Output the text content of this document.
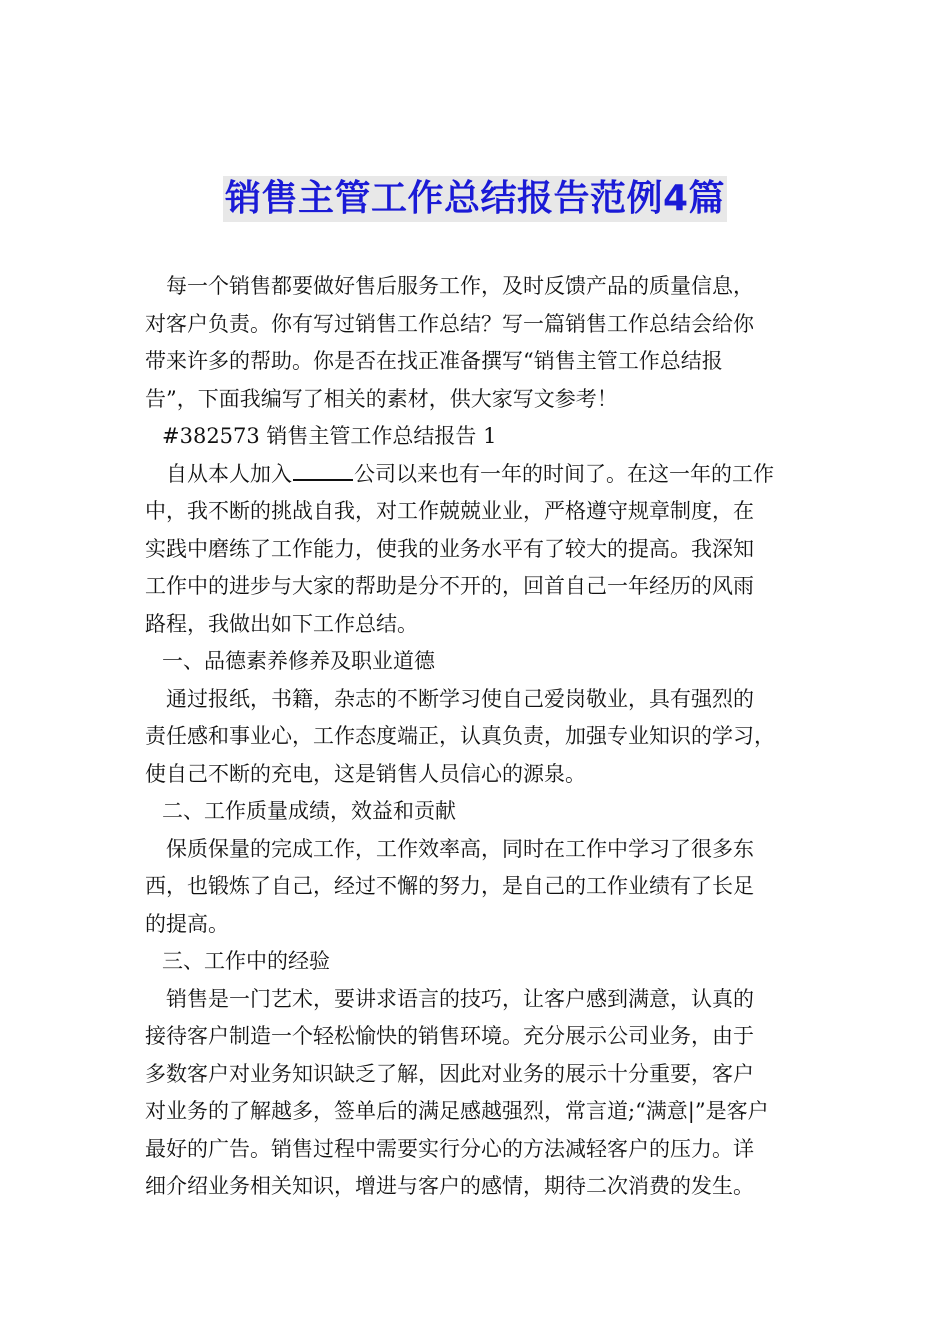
销售主管工作总结报告范例4篇
每一个销售都要做好售后服务工作，及时反馈产品的质量信息，
对客户负责。你有写过销售工作总结？写一篇销售工作总结会给你
带来许多的帮助。你是否在找正准备撰写“销售主管工作总结报
告”，下面我编写了相关的素材，供大家写文参考！
#382573 销售主管工作总结报告 1
自从本人加入	公司以来也有一年的时间了。在这一年的工作
中，我不断的挑战自我，对工作兢兢业业，严格遵守规章制度，在
实践中磨练了工作能力，使我的业务水平有了较大的提高。我深知
工作中的进步与大家的帮助是分不开的，回首自己一年经历的风雨
路程，我做出如下工作总结。
一、品德素养修养及职业道德
通过报纸，书籍，杂志的不断学习使自己爱岗敬业，具有强烈的
责任感和事业心，工作态度端正，认真负责，加强专业知识的学习，
使自己不断的充电，这是销售人员信心的源泉。
二、工作质量成绩，效益和贡献
保质保量的完成工作，工作效率高，同时在工作中学习了很多东
西，也锻炼了自己，经过不懈的努力，是自己的工作业绩有了长足
的提高。
三、工作中的经验
销售是一门艺术，要讲求语言的技巧，让客户感到满意，认真的
接待客户制造一个轻松愉快的销售环境。充分展示公司业务，由于
多数客户对业务知识缺乏了解，因此对业务的展示十分重要，客户
对业务的了解越多，签单后的满足感越强烈，常言道;“满意|”是客户
最好的广告。销售过程中需要实行分心的方法减轻客户的压力。详
细介绍业务相关知识，增进与客户的感情，期待二次消费的发生。
